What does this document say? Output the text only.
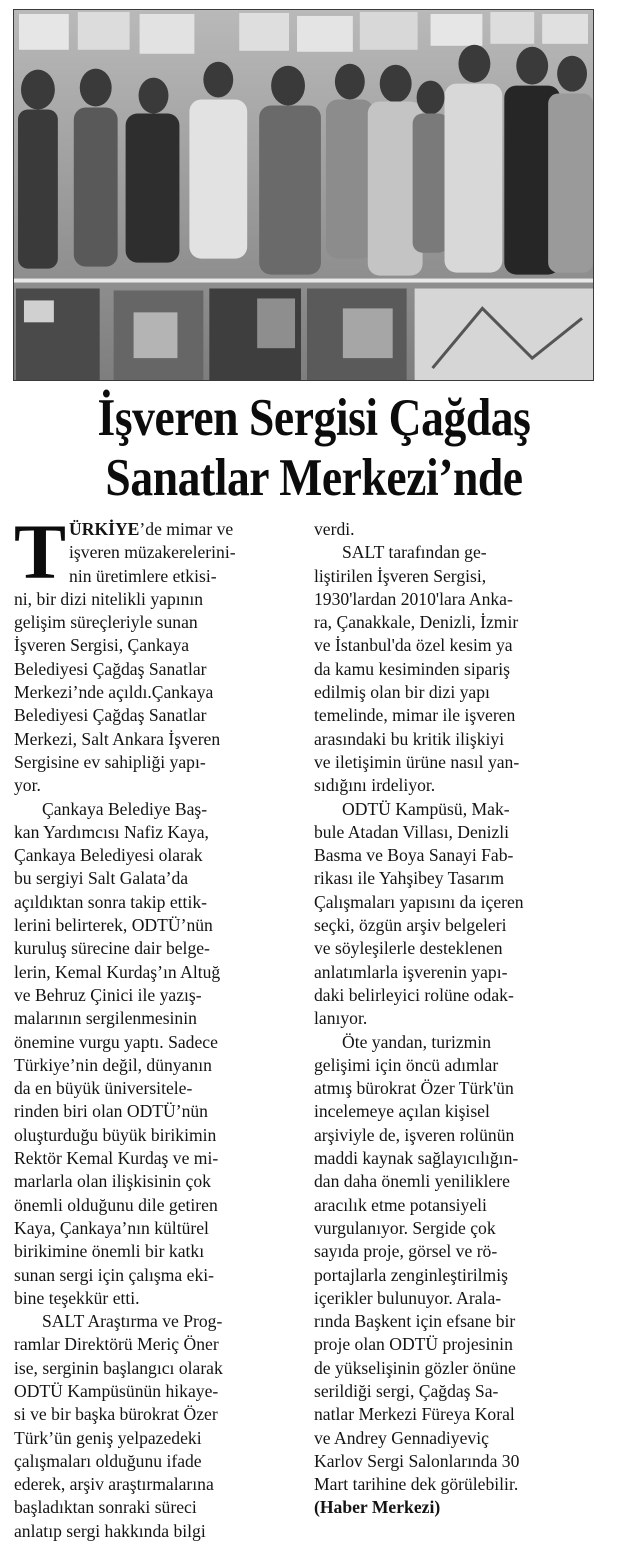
İşveren Sergisi Çağdaş
Sanatlar Merkezi’nde
T ÜRKİYE’de mimar ve
işveren müzakerelerini-
nin üretimlere etkisi-
ni, bir dizi nitelikli yapının
gelişim süreçleriyle sunan
İşveren Sergisi, Çankaya
Belediyesi Çağdaş Sanatlar
Merkezi’nde açıldı.Çankaya
Belediyesi Çağdaş Sanatlar
Merkezi, Salt Ankara İşveren
Sergisine ev sahipliği yapı-
yor.
Çankaya Belediye Baş-
kan Yardımcısı Nafiz Kaya,
Çankaya Belediyesi olarak
bu sergiyi Salt Galata’da
açıldıktan sonra takip ettik-
lerini belirterek, ODTÜ’nün
kuruluş sürecine dair belge-
lerin, Kemal Kurdaş’ın Altuğ
ve Behruz Çinici ile yazış-
malarının sergilenmesinin
önemine vurgu yaptı. Sadece
Türkiye’nin değil, dünyanın
da en büyük üniversitele-
rinden biri olan ODTÜ’nün
oluşturduğu büyük birikimin
Rektör Kemal Kurdaş ve mi-
marlarla olan ilişkisinin çok
önemli olduğunu dile getiren
Kaya, Çankaya’nın kültürel
birikimine önemli bir katkı
sunan sergi için çalışma eki-
bine teşekkür etti.
SALT Araştırma ve Prog-
ramlar Direktörü Meriç Öner
ise, serginin başlangıcı olarak
ODTÜ Kampüsünün hikaye-
si ve bir başka bürokrat Özer
Türk’ün geniş yelpazedeki
çalışmaları olduğunu ifade
ederek, arşiv araştırmalarına
başladıktan sonraki süreci
anlatıp sergi hakkında bilgi
verdi.
SALT tarafından ge-
liştirilen İşveren Sergisi,
1930'lardan 2010'lara Anka-
ra, Çanakkale, Denizli, İzmir
ve İstanbul'da özel kesim ya
da kamu kesiminden sipariş
edilmiş olan bir dizi yapı
temelinde, mimar ile işveren
arasındaki bu kritik ilişkiyi
ve iletişimin ürüne nasıl yan-
sıdığını irdeliyor.
ODTÜ Kampüsü, Mak-
bule Atadan Villası, Denizli
Basma ve Boya Sanayi Fab-
rikası ile Yahşibey Tasarım
Çalışmaları yapısını da içeren
seçki, özgün arşiv belgeleri
ve söyleşilerle desteklenen
anlatımlarla işverenin yapı-
daki belirleyici rolüne odak-
lanıyor.
Öte yandan, turizmin
gelişimi için öncü adımlar
atmış bürokrat Özer Türk'ün
incelemeye açılan kişisel
arşiviyle de, işveren rolünün
maddi kaynak sağlayıcılığın-
dan daha önemli yeniliklere
aracılık etme potansiyeli
vurgulanıyor. Sergide çok
sayıda proje, görsel ve rö-
portajlarla zenginleştirilmiş
içerikler bulunuyor. Arala-
rında Başkent için efsane bir
proje olan ODTÜ projesinin
de yükselişinin gözler önüne
serildiği sergi, Çağdaş Sa-
natlar Merkezi Füreya Koral
ve Andrey Gennadiyeviç
Karlov Sergi Salonlarında 30
Mart tarihine dek görülebilir.
(Haber Merkezi)
